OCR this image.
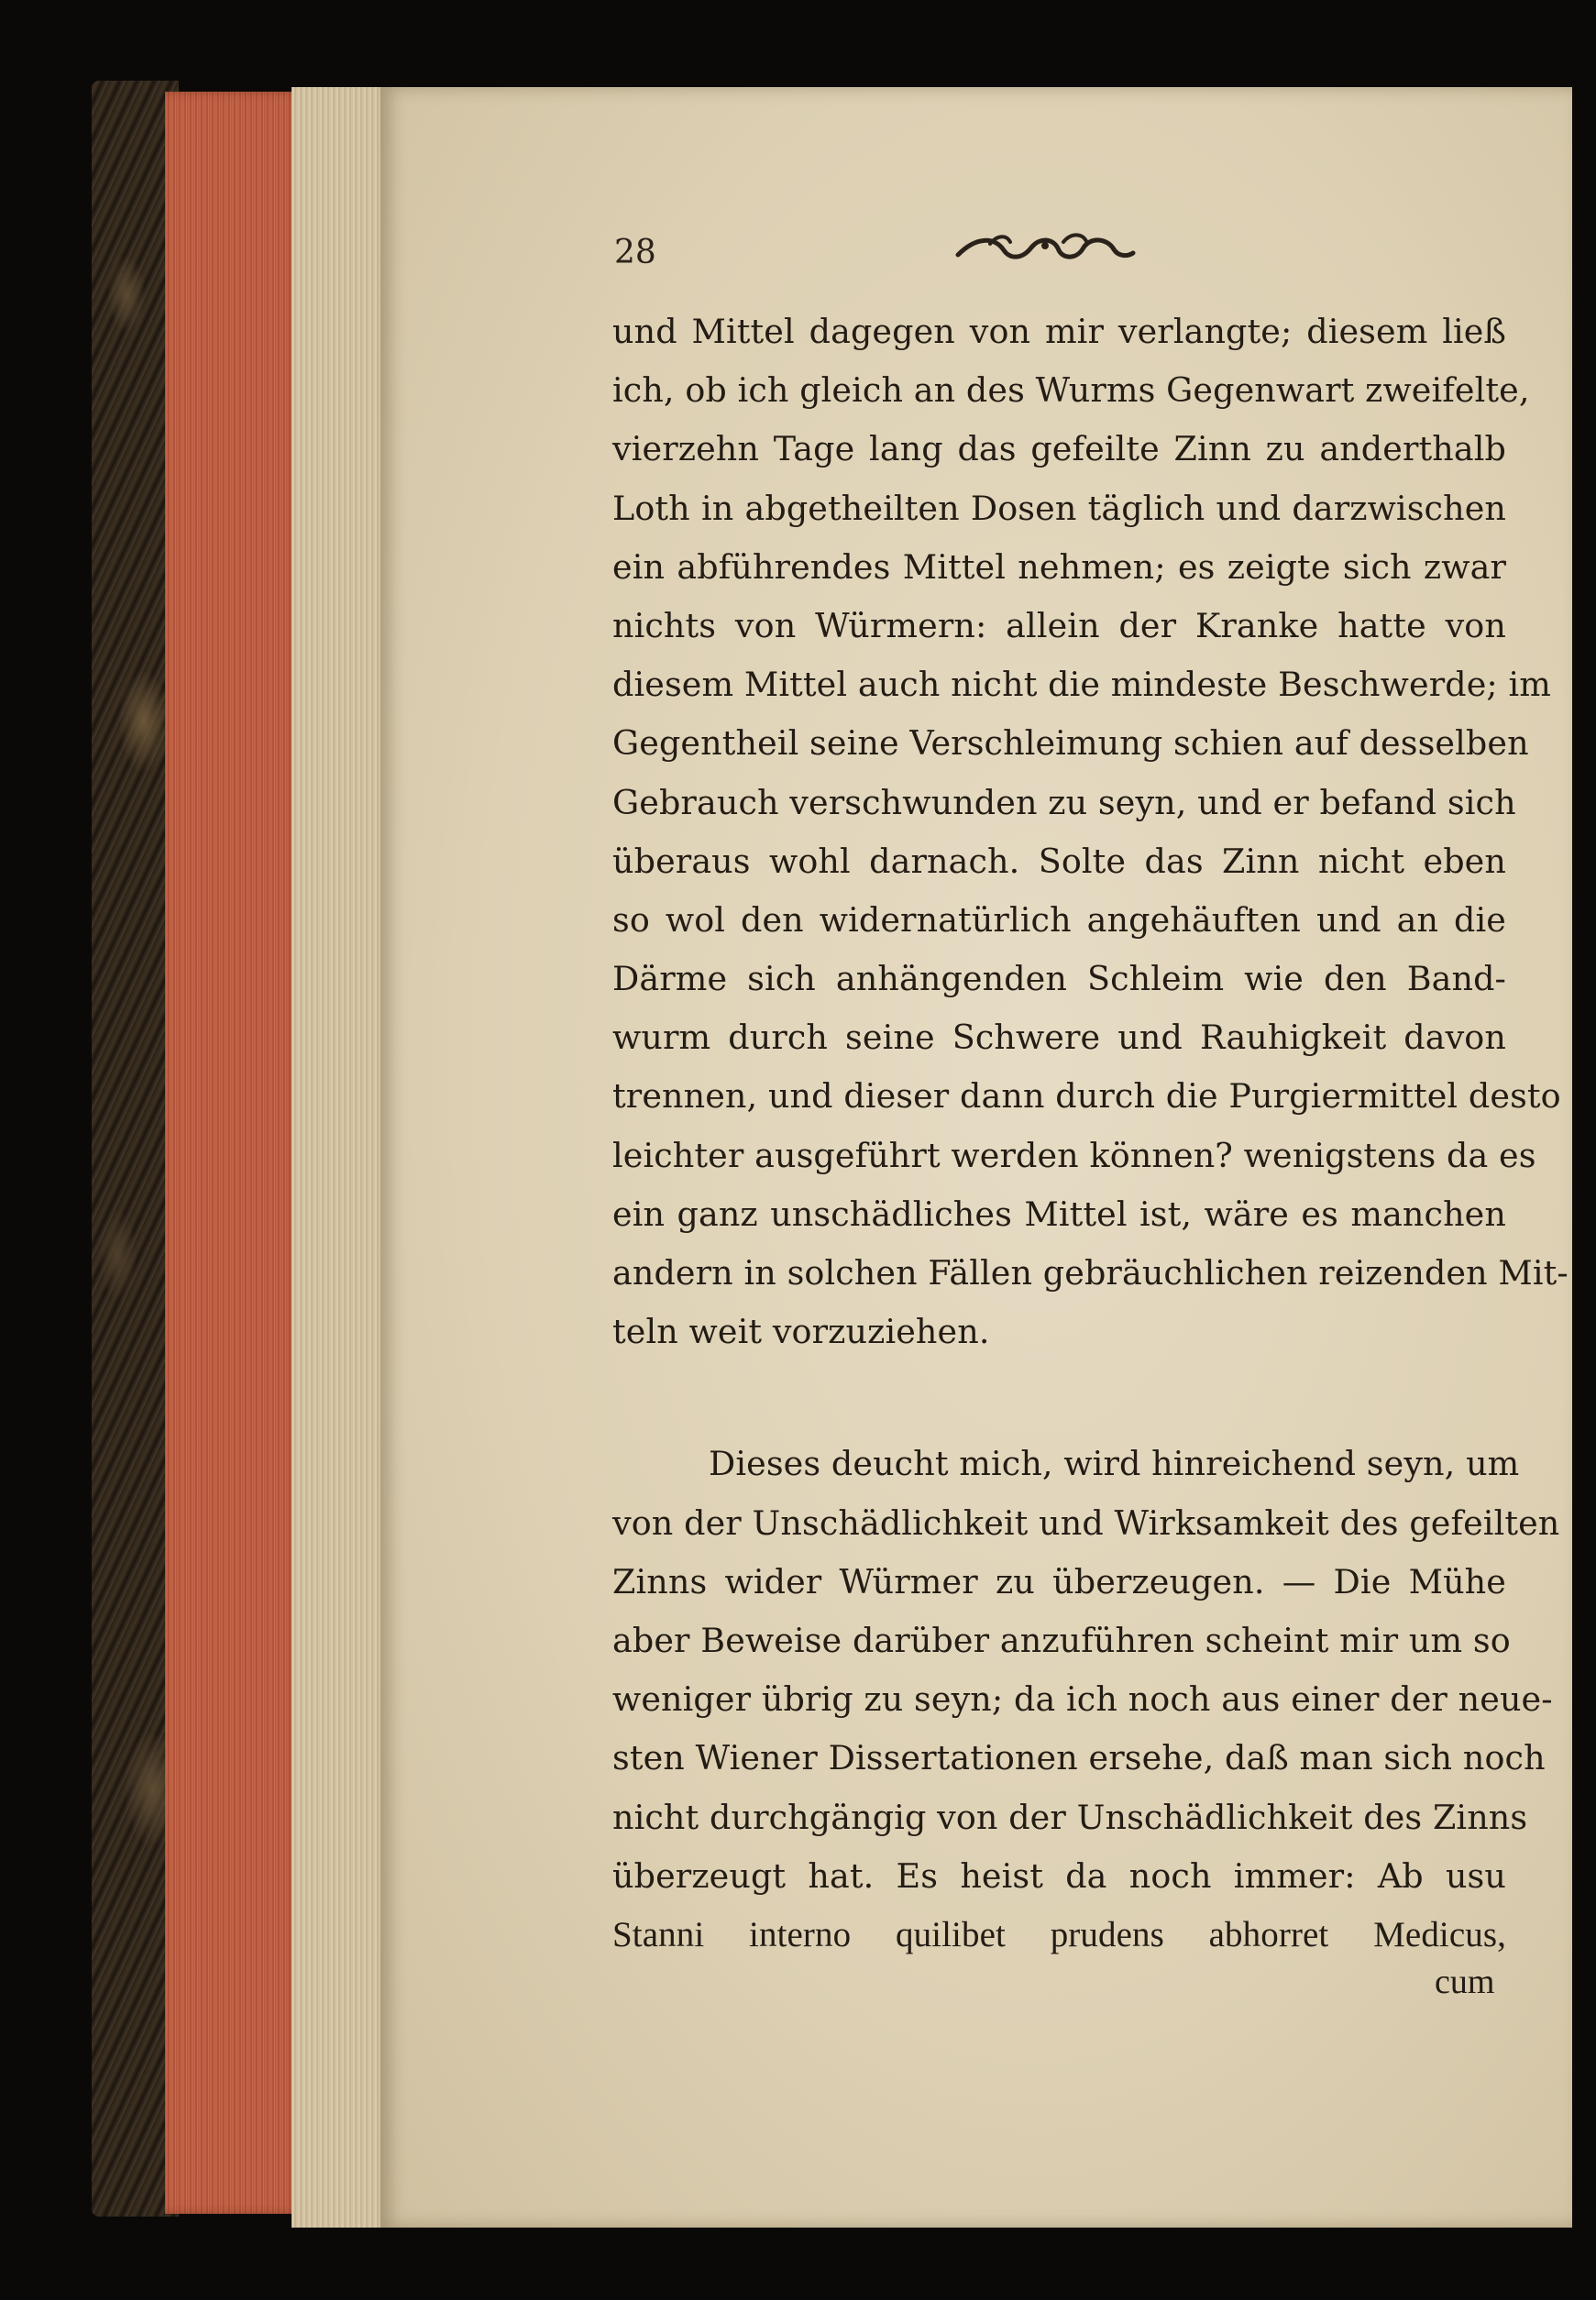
28
und Mittel dagegen von mir verlangte; diesem ließ
ich, ob ich gleich an des Wurms Gegenwart zweifelte,
vierzehn Tage lang das gefeilte Zinn zu anderthalb
Loth in abgetheilten Dosen täglich und darzwischen
ein abführendes Mittel nehmen; es zeigte sich zwar
nichts von Würmern: allein der Kranke hatte von
diesem Mittel auch nicht die mindeste Beschwerde; im
Gegentheil seine Verschleimung schien auf desselben
Gebrauch verschwunden zu seyn, und er befand sich
überaus wohl darnach. Solte das Zinn nicht eben
so wol den widernatürlich angehäuften und an die
Därme sich anhängenden Schleim wie den Band-
wurm durch seine Schwere und Rauhigkeit davon
trennen, und dieser dann durch die Purgiermittel desto
leichter ausgeführt werden können? wenigstens da es
ein ganz unschädliches Mittel ist, wäre es manchen
andern in solchen Fällen gebräuchlichen reizenden Mit-
teln weit vorzuziehen.
Dieses deucht mich, wird hinreichend seyn, um
von der Unschädlichkeit und Wirksamkeit des gefeilten
Zinns wider Würmer zu überzeugen. — Die Mühe
aber Beweise darüber anzuführen scheint mir um so
weniger übrig zu seyn; da ich noch aus einer der neue-
sten Wiener Dissertationen ersehe, daß man sich noch
nicht durchgängig von der Unschädlichkeit des Zinns
überzeugt hat. Es heist da noch immer: Ab usu
Stanni interno quilibet prudens abhorret Medicus,
cum
